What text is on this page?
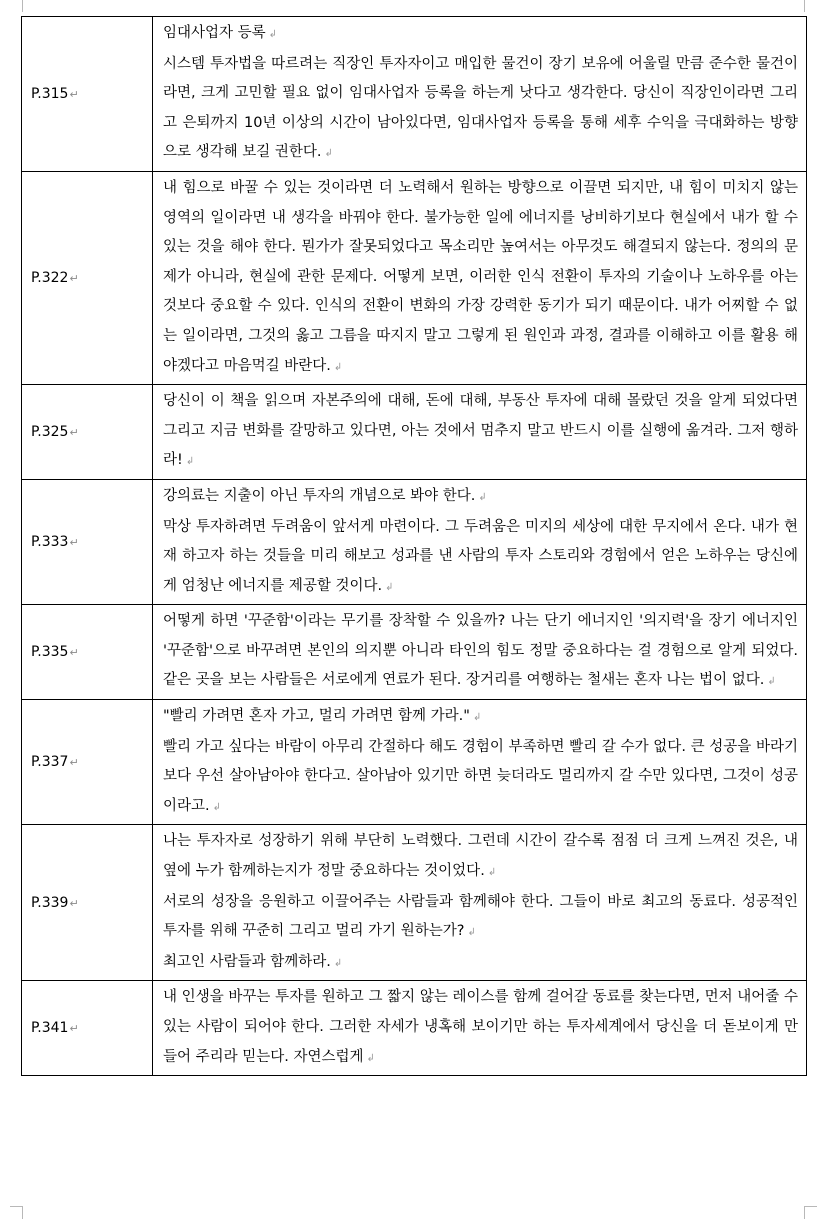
P.315↵	임대사업자 등록 ↲
시스템 투자법을 따르려는 직장인 투자자이고 매입한 물건이 장기 보유에 어울릴 만큼 준수한 물건이라면, 크게 고민할 필요 없이 임대사업자 등록을 하는게 낫다고 생각한다. 당신이 직장인이라면 그리고 은퇴까지 10년 이상의 시간이 남아있다면, 임대사업자 등록을 통해 세후 수익을 극대화하는 방향으로 생각해 보길 권한다. ↲

P.322↵	내 힘으로 바꿀 수 있는 것이라면 더 노력해서 원하는 방향으로 이끌면 되지만, 내 힘이 미치지 않는 영역의 일이라면 내 생각을 바꿔야 한다. 불가능한 일에 에너지를 낭비하기보다 현실에서 내가 할 수 있는 것을 해야 한다. 뭔가가 잘못되었다고 목소리만 높여서는 아무것도 해결되지 않는다. 정의의 문제가 아니라, 현실에 관한 문제다. 어떻게 보면, 이러한 인식 전환이 투자의 기술이나 노하우를 아는 것보다 중요할 수 있다. 인식의 전환이 변화의 가장 강력한 동기가 되기 때문이다. 내가 어찌할 수 없는 일이라면, 그것의 옳고 그름을 따지지 말고 그렇게 된 원인과 과정, 결과를 이해하고 이를 활용 해야겠다고 마음먹길 바란다. ↲

P.325↵	당신이 이 책을 읽으며 자본주의에 대해, 돈에 대해, 부동산 투자에 대해 몰랐던 것을 알게 되었다면 그리고 지금 변화를 갈망하고 있다면, 아는 것에서 멈추지 말고 반드시 이를 실행에 옮겨라. 그저 행하라! ↲

P.333↵	강의료는 지출이 아닌 투자의 개념으로 봐야 한다. ↲
막상 투자하려면 두려움이 앞서게 마련이다. 그 두려움은 미지의 세상에 대한 무지에서 온다. 내가 현재 하고자 하는 것들을 미리 해보고 성과를 낸 사람의 투자 스토리와 경험에서 얻은 노하우는 당신에게 엄청난 에너지를 제공할 것이다. ↲

P.335↵	어떻게 하면 '꾸준함'이라는 무기를 장착할 수 있을까? 나는 단기 에너지인 '의지력'을 장기 에너지인 '꾸준함'으로 바꾸려면 본인의 의지뿐 아니라 타인의 힘도 정말 중요하다는 걸 경험으로 알게 되었다. 같은 곳을 보는 사람들은 서로에게 연료가 된다. 장거리를 여행하는 철새는 혼자 나는 법이 없다. ↲

P.337↵	"빨리 가려면 혼자 가고, 멀리 가려면 함께 가라." ↲
빨리 가고 싶다는 바람이 아무리 간절하다 해도 경험이 부족하면 빨리 갈 수가 없다. 큰 성공을 바라기 보다 우선 살아남아야 한다고. 살아남아 있기만 하면 늦더라도 멀리까지 갈 수만 있다면, 그것이 성공이라고. ↲

P.339↵	나는 투자자로 성장하기 위해 부단히 노력했다. 그런데 시간이 갈수록 점점 더 크게 느껴진 것은, 내 옆에 누가 함께하는지가 정말 중요하다는 것이었다. ↲
서로의 성장을 응원하고 이끌어주는 사람들과 함께해야 한다. 그들이 바로 최고의 동료다. 성공적인 투자를 위해 꾸준히 그리고 멀리 가기 원하는가? ↲
최고인 사람들과 함께하라. ↲

P.341↵	내 인생을 바꾸는 투자를 원하고 그 짧지 않는 레이스를 함께 걸어갈 동료를 찾는다면, 먼저 내어줄 수 있는 사람이 되어야 한다. 그러한 자세가 냉혹해 보이기만 하는 투자세계에서 당신을 더 돋보이게 만들어 주리라 믿는다. 자연스럽게 ↲
